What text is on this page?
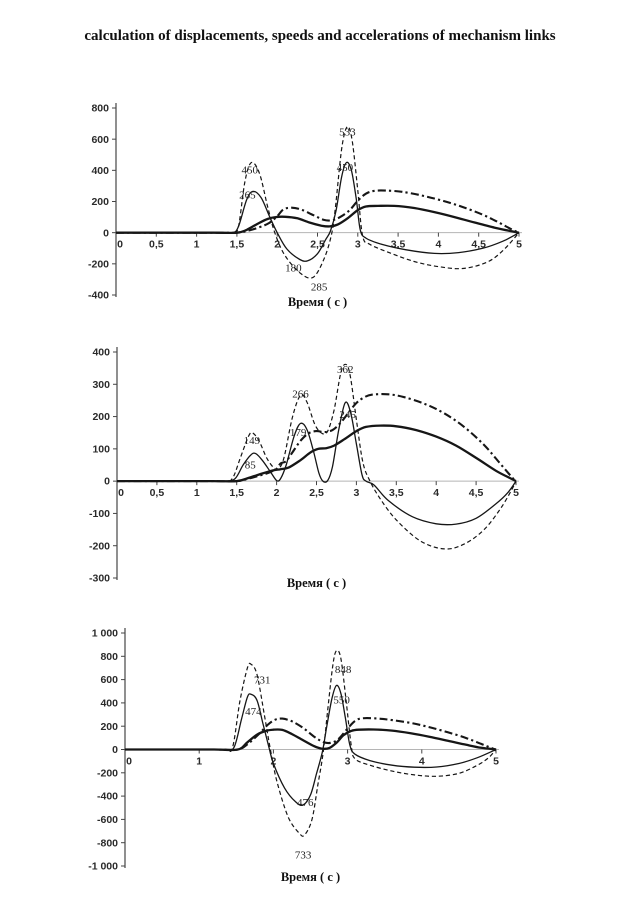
calculation of displacements, speeds and accelerations of mechanism links
800
600
400
200
0
-200
-400
0 0,5	1	1,5	2	2,5	3	3,5	4	4,5	5
450
265
533
450
180
285
Время ( с )
400
300
200
100
0
-100
-200
-300
0 0,5	1	1,5	2	2,5	3	3,5	4	4,5	5
149
85
266
179
362
245
Время ( с )
1 000
800
600
400
200
0
-200
-400
-600
-800
-1 000
0	1	2	3	4	5
731
474
848
550
476
733
Время ( с )
